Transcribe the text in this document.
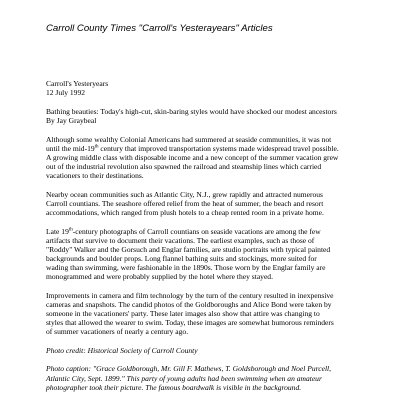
Carroll County Times "Carroll's Yesterayears" Articles

Carroll's Yesteryears
12 July 1992

Bathing beauties: Today's high-cut, skin-baring styles would have shocked our modest ancestors
By Jay Graybeal

Although some wealthy Colonial Americans had summered at seaside communities, it was not
until the mid-19th century that improved transportation systems made widespread travel possible.
A growing middle class with disposable income and a new concept of the summer vacation grew
out of the industrial revolution also spawned the railroad and steamship lines which carried
vacationers to their destinations.

Nearby ocean communities such as Atlantic City, N.J., grew rapidly and attracted numerous
Carroll countians. The seashore offered relief from the heat of summer, the beach and resort
accommodations, which ranged from plush hotels to a cheap rented room in a private home.

Late 19th-century photographs of Carroll countians on seaside vacations are among the few
artifacts that survive to document their vacations. The earliest examples, such as those of
"Roddy" Walker and the Gorsuch and Englar families, are studio portraits with typical painted
backgrounds and boulder props. Long flannel bathing suits and stockings, more suited for
wading than swimming, were fashionable in the 1890s. Those worn by the Englar family are
monogrammed and were probably supplied by the hotel where they stayed.

Improvements in camera and film technology by the turn of the century resulted in inexpensive
cameras and snapshots. The candid photos of the Goldboroughs and Alice Bond were taken by
someone in the vacationers' party. These later images also show that attire was changing to
styles that allowed the wearer to swim. Today, these images are somewhat humorous reminders
of summer vacationers of nearly a century ago.

Photo credit: Historical Society of Carroll County

Photo caption: "Grace Goldborough, Mr. Gill F. Mathews, T. Goldsborough and Noel Purcell,
Atlantic City, Sept. 1899." This party of young adults had been swimming when an amateur
photographer took their picture. The famous boardwalk is visible in the background.
